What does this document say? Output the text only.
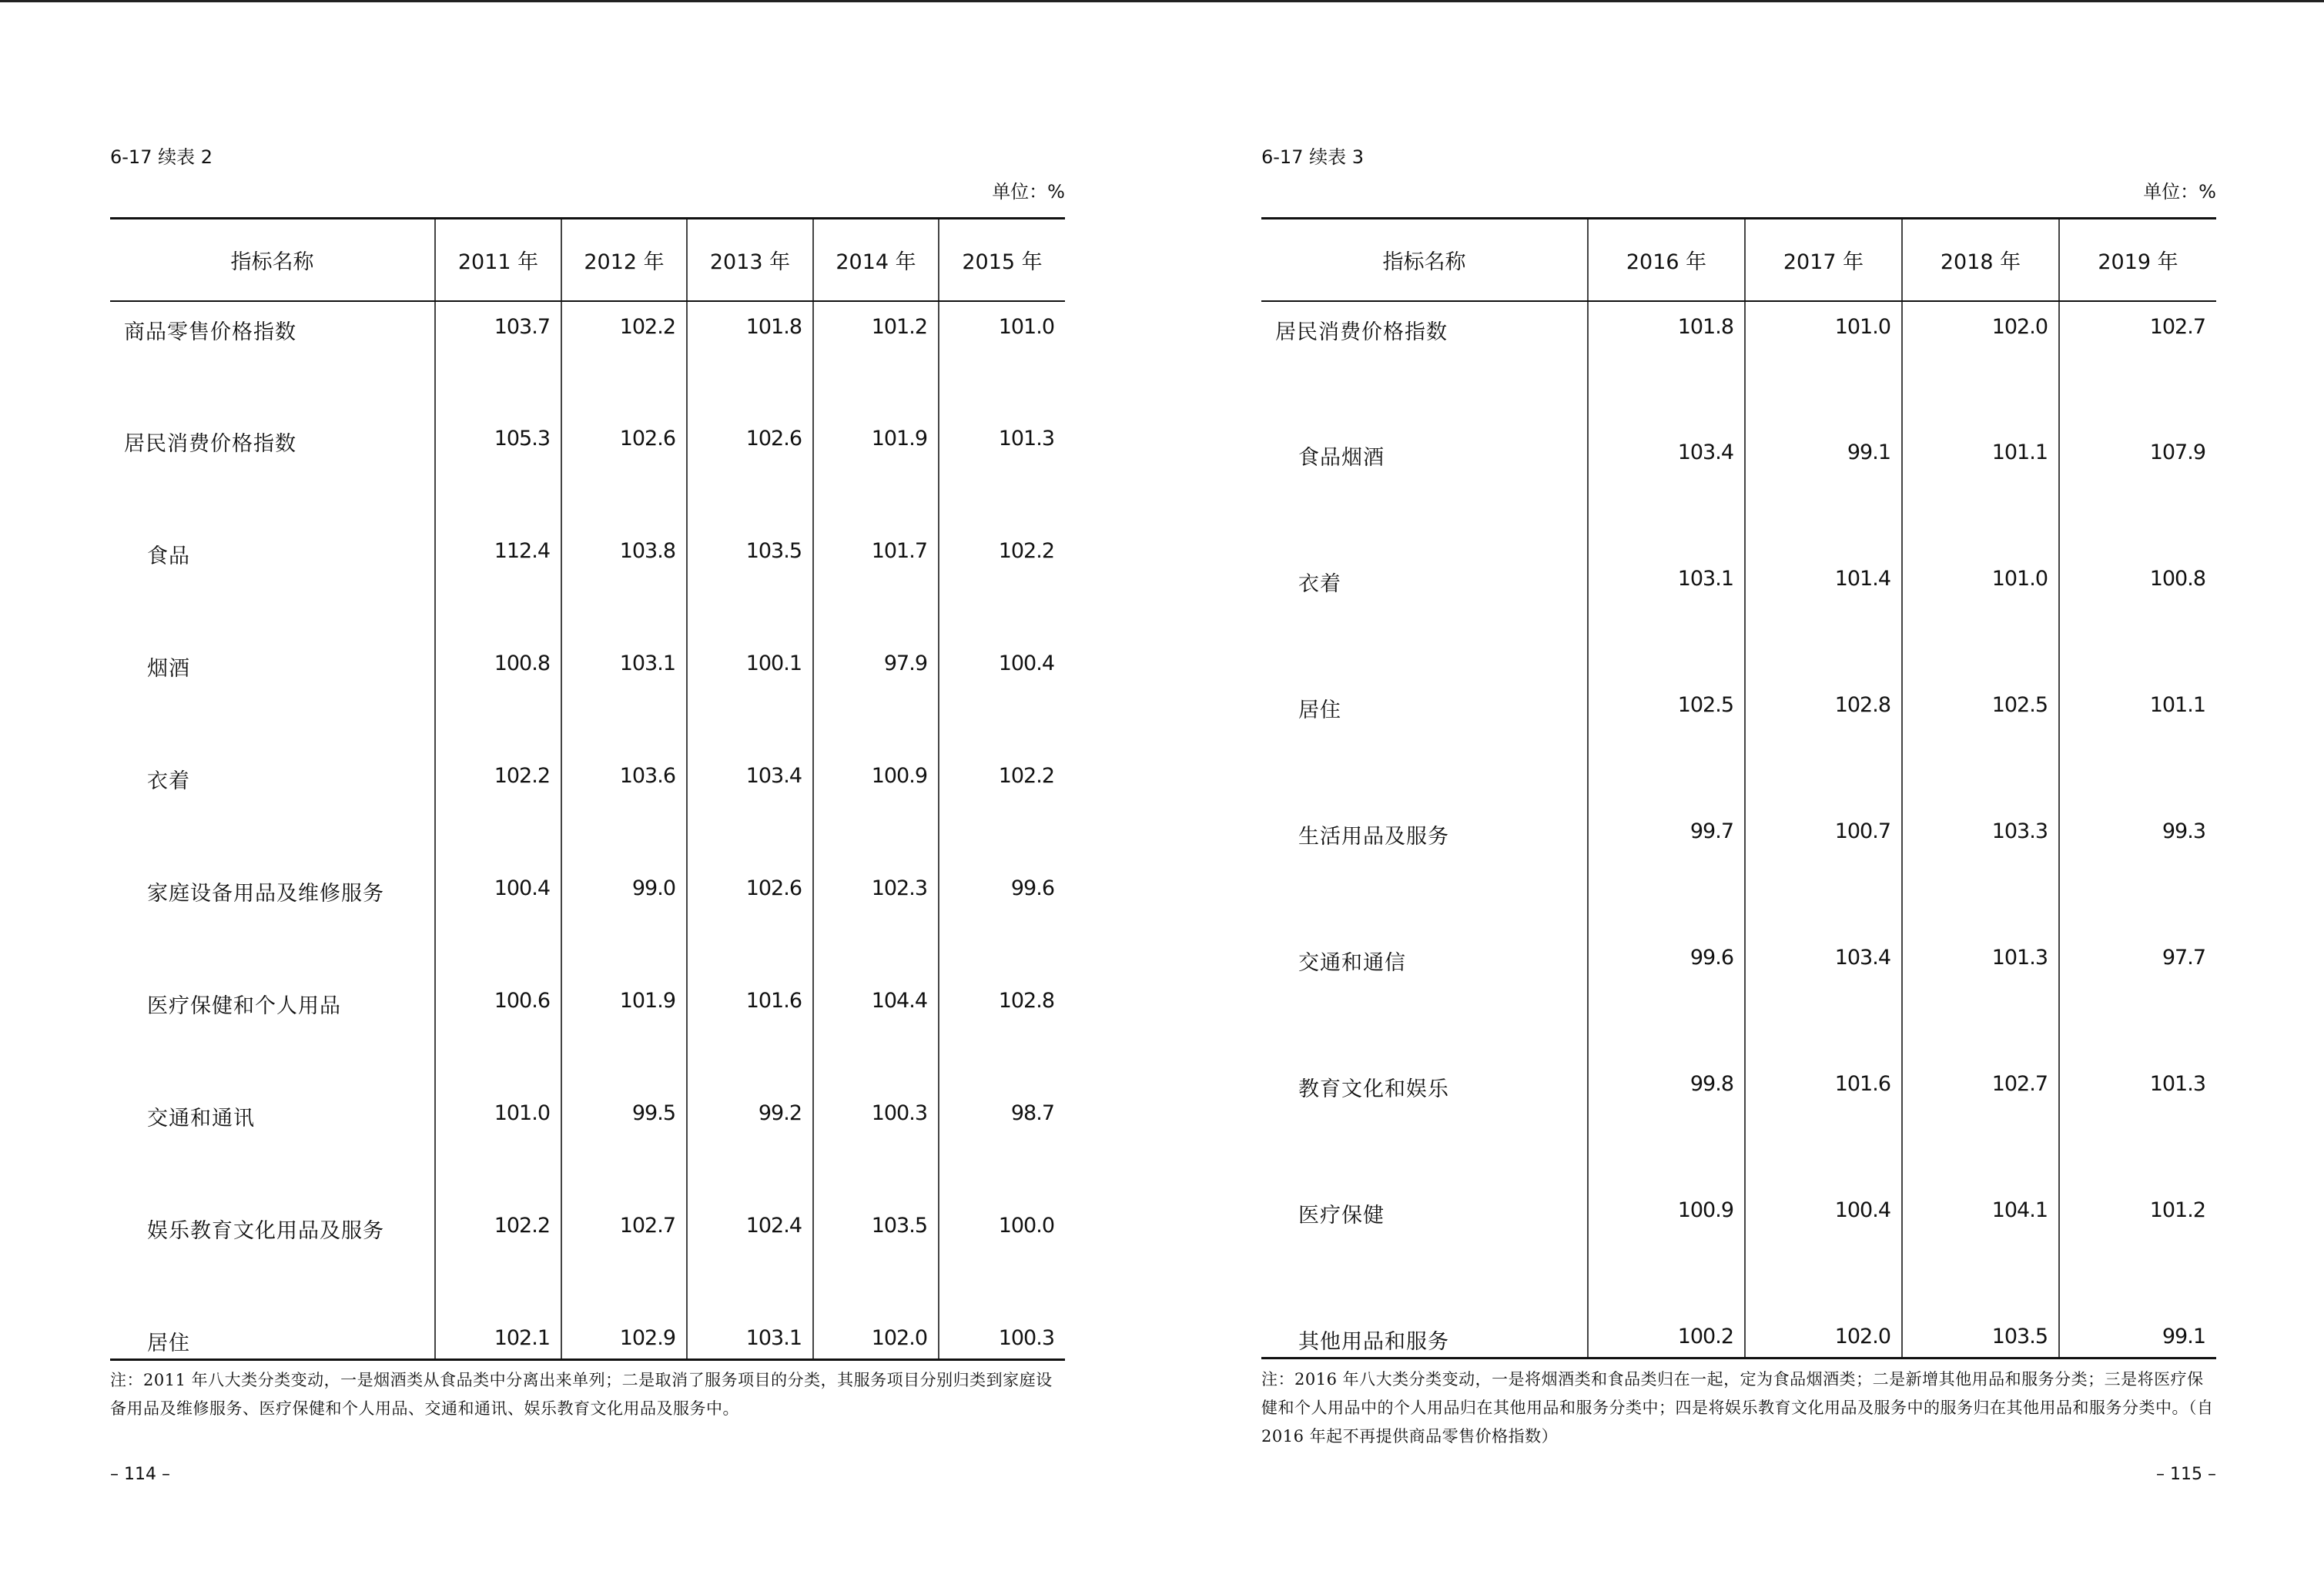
6-17 续表 2
单位：%
指标名称	2011 年	2012 年	2013 年	2014 年	2015 年
商品零售价格指数	103.7	102.2	101.8	101.2	101.0
居民消费价格指数	105.3	102.6	102.6	101.9	101.3
食品	112.4	103.8	103.5	101.7	102.2
烟酒	100.8	103.1	100.1	97.9	100.4
衣着	102.2	103.6	103.4	100.9	102.2
家庭设备用品及维修服务	100.4	99.0	102.6	102.3	99.6
医疗保健和个人用品	100.6	101.9	101.6	104.4	102.8
交通和通讯	101.0	99.5	99.2	100.3	98.7
娱乐教育文化用品及服务	102.2	102.7	102.4	103.5	100.0
居住	102.1	102.9	103.1	102.0	100.3
注：2011 年八大类分类变动，一是烟酒类从食品类中分离出来单列；二是取消了服务项目的分类，其服务项目分别归类到家庭设备用品及维修服务、医疗保健和个人用品、交通和通讯、娱乐教育文化用品及服务中。
– 114 –
6-17 续表 3
单位：%
指标名称	2016 年	2017 年	2018 年	2019 年
居民消费价格指数	101.8	101.0	102.0	102.7
食品烟酒	103.4	99.1	101.1	107.9
衣着	103.1	101.4	101.0	100.8
居住	102.5	102.8	102.5	101.1
生活用品及服务	99.7	100.7	103.3	99.3
交通和通信	99.6	103.4	101.3	97.7
教育文化和娱乐	99.8	101.6	102.7	101.3
医疗保健	100.9	100.4	104.1	101.2
其他用品和服务	100.2	102.0	103.5	99.1
注：2016 年八大类分类变动，一是将烟酒类和食品类归在一起，定为食品烟酒类；二是新增其他用品和服务分类；三是将医疗保健和个人用品中的个人用品归在其他用品和服务分类中；四是将娱乐教育文化用品及服务中的服务归在其他用品和服务分类中。（自 2016 年起不再提供商品零售价格指数）
– 115 –
